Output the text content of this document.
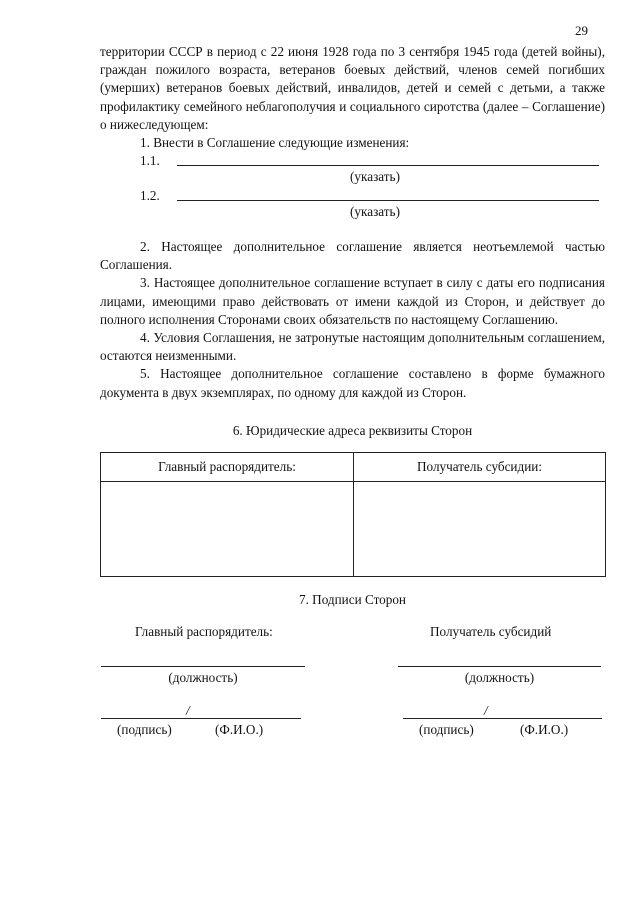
29

территории СССР в период с 22 июня 1928 года по 3 сентября 1945 года (детей войны), граждан пожилого возраста, ветеранов боевых действий, членов семей погибших (умерших) ветеранов боевых действий, инвалидов, детей и семей с детьми, а также профилактику семейного неблагополучия и социального сиротства (далее – Соглашение) о нижеследующем:

1. Внести в Соглашение следующие изменения:

1.1.
(указать)
1.2.
(указать)

2. Настоящее дополнительное соглашение является неотъемлемой частью Соглашения.

3. Настоящее дополнительное соглашение вступает в силу с даты его подписания лицами, имеющими право действовать от имени каждой из Сторон, и действует до полного исполнения Сторонами своих обязательств по настоящему Соглашению.

4. Условия Соглашения, не затронутые настоящим дополнительным соглашением, остаются неизменными.

5. Настоящее дополнительное соглашение составлено в форме бумажного документа в двух экземплярах, по одному для каждой из Сторон.

6. Юридические адреса реквизиты Сторон
Главный распорядитель:	Получатель субсидии:

7. Подписи Сторон
Главный распорядитель:
(должность)
/
(подпись)	(Ф.И.О.)
Получатель субсидий
(должность)
/
(подпись)	(Ф.И.О.)
